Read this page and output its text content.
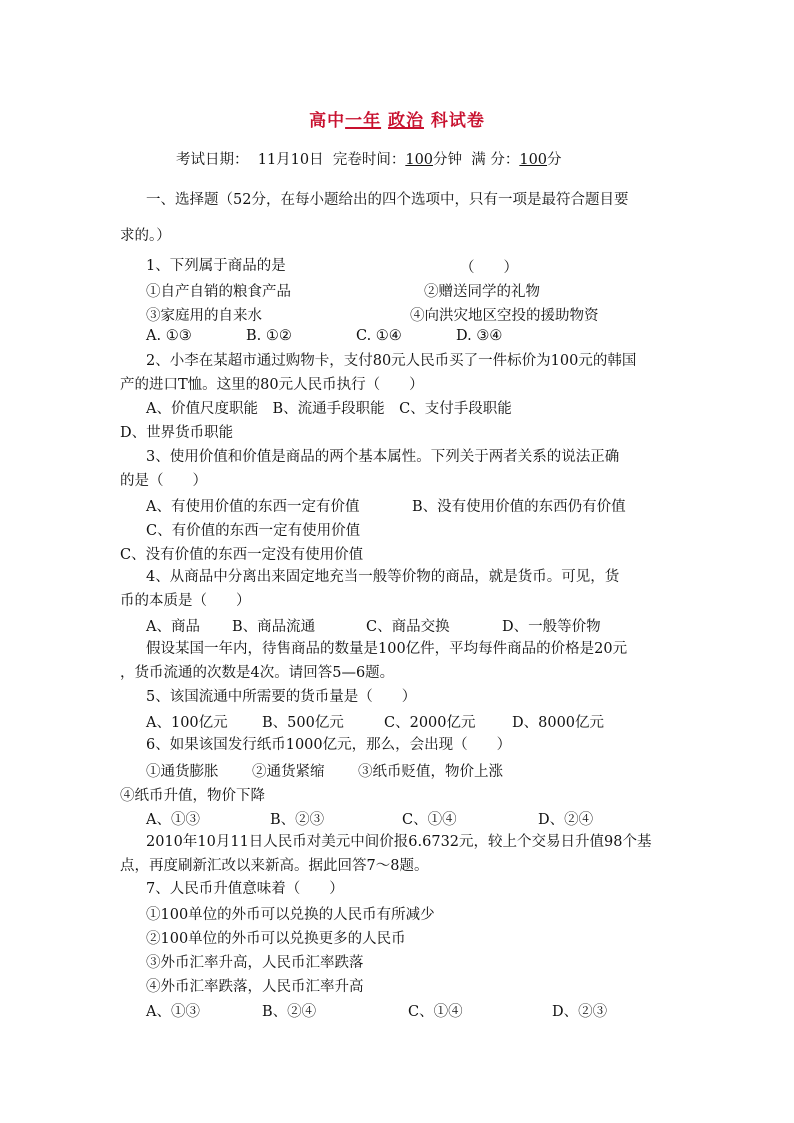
高中一年 政治 科试卷
考试日期： 11月10日 完卷时间：100分钟 满 分：100分
一、选择题（52分，在每小题给出的四个选项中，只有一项是最符合题目要
求的。）
1、下列属于商品的是	（　　）
①自产自销的粮食产品	②赠送同学的礼物
③家庭用的自来水	④向洪灾地区空投的援助物资
A. ①③	B. ①②	C. ①④	D. ③④
2、小李在某超市通过购物卡，支付80元人民币买了一件标价为100元的韩国
产的进口T恤。这里的80元人民币执行（　　）
A、价值尺度职能　B、流通手段职能　C、支付手段职能
D、世界货币职能
3、使用价值和价值是商品的两个基本属性。下列关于两者关系的说法正确
的是（　　）
A、有使用价值的东西一定有价值	B、没有使用价值的东西仍有价值
C、有价值的东西一定有使用价值
C、没有价值的东西一定没有使用价值
4、从商品中分离出来固定地充当一般等价物的商品，就是货币。可见，货
币的本质是（　　）
A、商品 B、商品流通	C、商品交换	D、一般等价物
假设某国一年内，待售商品的数量是100亿件，平均每件商品的价格是20元
，货币流通的次数是4次。请回答5—6题。
5、该国流通中所需要的货币量是（　　）
A、100亿元 B、500亿元	C、2000亿元	D、8000亿元
6、如果该国发行纸币1000亿元，那么，会出现（　　）
①通货膨胀 ②通货紧缩 ③纸币贬值，物价上涨
④纸币升值，物价下降
A、①③	B、②③	C、①④	D、②④
2010年10月11日人民币对美元中间价报6.6732元，较上个交易日升值98个基
点，再度刷新汇改以来新高。据此回答7～8题。
7、人民币升值意味着（　　）
①100单位的外币可以兑换的人民币有所减少
②100单位的外币可以兑换更多的人民币
③外币汇率升高，人民币汇率跌落
④外币汇率跌落，人民币汇率升高
A、①③	B、②④	C、①④	D、②③
